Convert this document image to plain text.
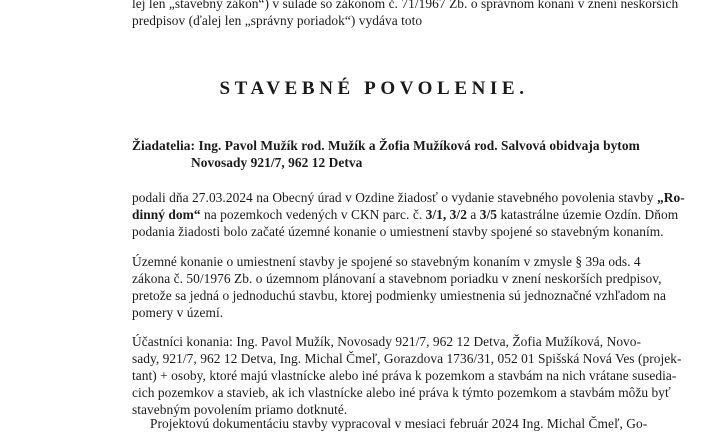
lej len „stavebný zákon“) v súlade so zákonom č. 71/1967 Zb. o správnom konaní v znení neskorších
predpisov (ďalej len „správny poriadok“) vydáva toto
STAVEBNÉ POVOLENIE.
Žiadatelia: Ing. Pavol Mužík rod. Mužík a Žofia Mužíková rod. Salvová obidvaja bytom
Novosady 921/7, 962 12 Detva
podali dňa 27.03.2024 na Obecný úrad v Ozdine žiadosť o vydanie stavebného povolenia stavby „Ro-
dinný dom“ na pozemkoch vedených v CKN parc. č. 3/1, 3/2 a 3/5 katastrálne územie Ozdín. Dňom
podania žiadosti bolo začaté územné konanie o umiestnení stavby spojené so stavebným konaním.
Územné konanie o umiestnení stavby je spojené so stavebným konaním v zmysle § 39a ods. 4
zákona č. 50/1976 Zb. o územnom plánovaní a stavebnom poriadku v znení neskorších predpisov,
pretože sa jedná o jednoduchú stavbu, ktorej podmienky umiestnenia sú jednoznačné vzhľadom na
pomery v území.
Účastníci konania: Ing. Pavol Mužík, Novosady 921/7, 962 12 Detva, Žofia Mužíková, Novo-
sady, 921/7, 962 12 Detva, Ing. Michal Čmeľ, Gorazdova 1736/31, 052 01 Spišská Nová Ves (projek-
tant) + osoby, ktoré majú vlastnícke alebo iné práva k pozemkom a stavbám na nich vrátane susedia-
cich pozemkov a stavieb, ak ich vlastnícke alebo iné práva k týmto pozemkom a stavbám môžu byť
stavebným povolením priamo dotknuté.
Projektovú dokumentáciu stavby vypracoval v mesiaci február 2024 Ing. Michal Čmeľ, Go-
